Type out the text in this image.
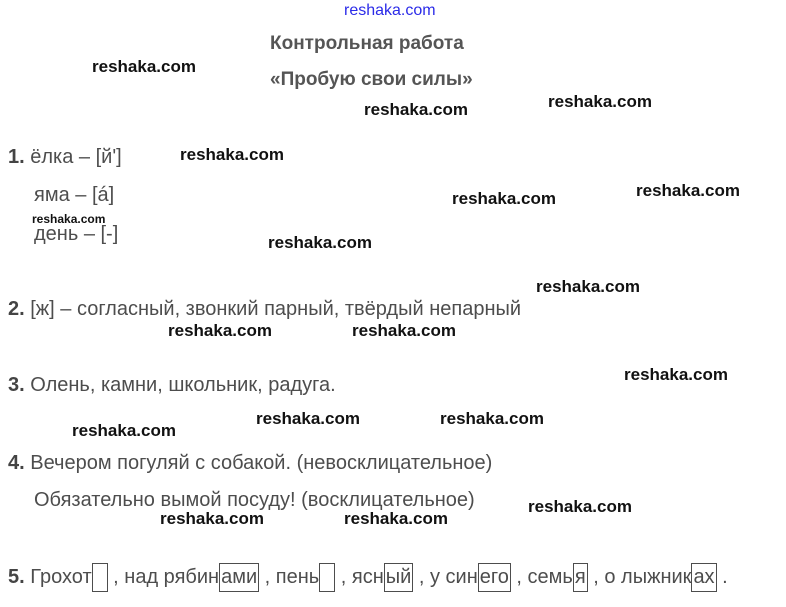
reshaka.com
Контрольная работа
«Пробую свои силы»
1. ёлка – [й']
яма – [á]
день – [-]
2. [ж] – согласный, звонкий парный, твёрдый непарный
3. Олень, камни, школьник, радуга.
4. Вечером погуляй с собакой. (невосклицательное)
Обязательно вымой посуду! (восклицательное)
5.
Грохот , над рябин ами , пень , ясн ый , у син его , семь я , о лыжник ах .
reshaka.com
reshaka.com	reshaka.com
reshaka.com
reshaka.com
reshaka.com
reshaka.com
reshaka.com
reshaka.com
reshaka.com	reshaka.com
reshaka.com
reshaka.com	reshaka.com
reshaka.com
reshaka.com
reshaka.com	reshaka.com
